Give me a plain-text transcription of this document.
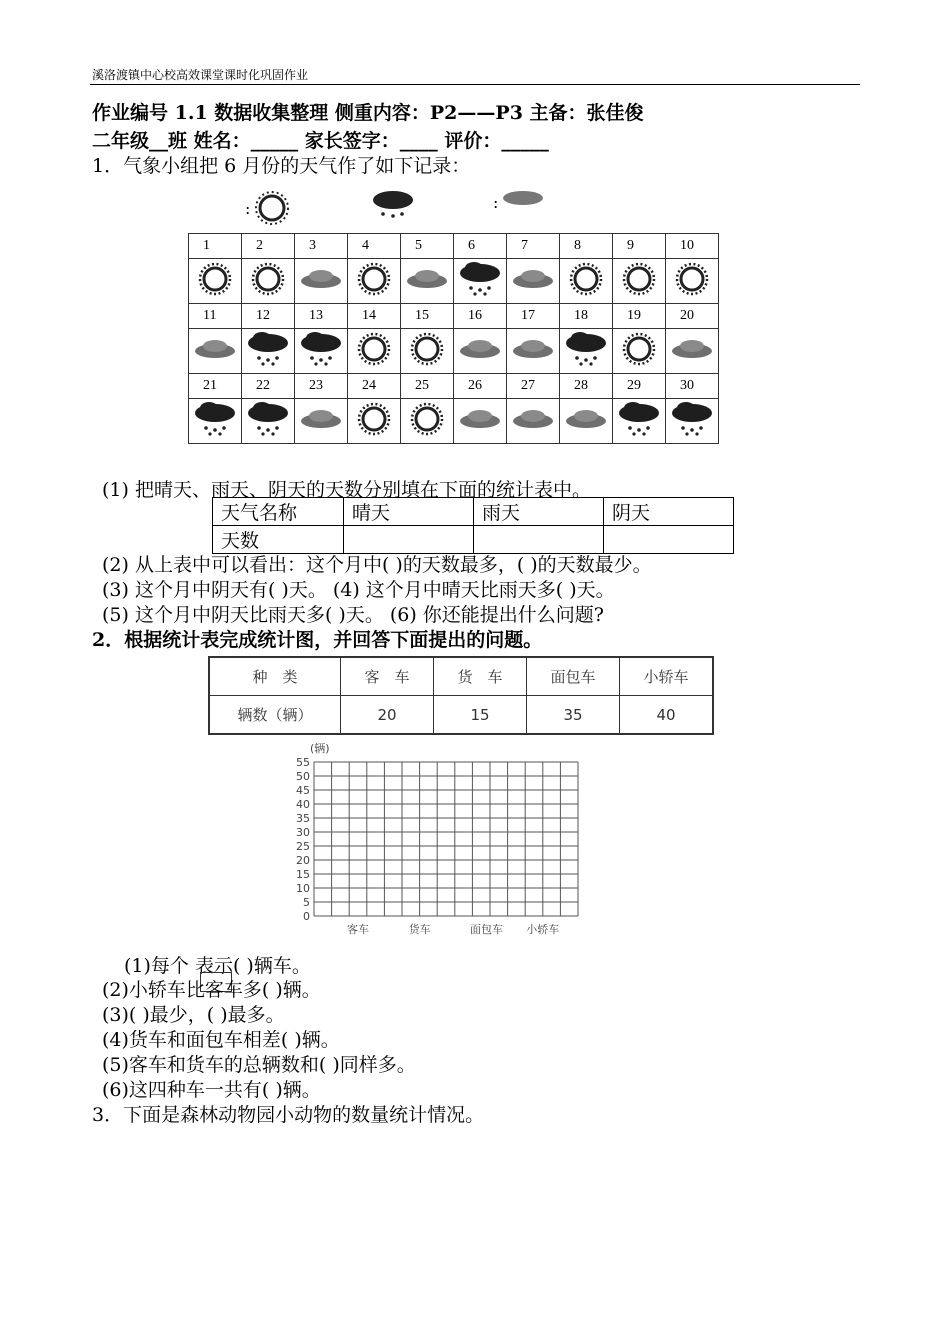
溪洛渡镇中心校高效课堂课时化巩固作业
作业编号 1.1 数据收集整理 侧重内容：P2——P3 主备：张佳俊
二年级__班 姓名：_____ 家长签字：____ 评价：_____
1．气象小组把 6 月份的天气作了如下记录：
:	:
1	2	3	4	5	6	7	8	9	10

11	12	13	14	15	16	17	18	19	20

21	22	23	24	25	26	27	28	29	30

(1) 把晴天、雨天、阴天的天数分别填在下面的统计表中。
天气名称	晴天	雨天	阴天
天数			
(2) 从上表中可以看出：这个月中( )的天数最多，( )的天数最少。
(3) 这个月中阴天有( )天。 (4) 这个月中晴天比雨天多( )天。
(5) 这个月中阴天比雨天多( )天。 (6) 你还能提出什么问题?
2．根据统计表完成统计图，并回答下面提出的问题。
种　类	客　车	货　车	面包车	小轿车
辆数（辆）	20	15	35	40
55
50
45
40
35
30
25
20
15
10
5
0
(辆)
客车	货车	面包车 小轿车
(1)每个 表示( )辆车。
(2)小轿车比客车多( )辆。
(3)( )最少，( )最多。
(4)货车和面包车相差( )辆。
(5)客车和货车的总辆数和( )同样多。
(6)这四种车一共有( )辆。
3．下面是森林动物园小动物的数量统计情况。
